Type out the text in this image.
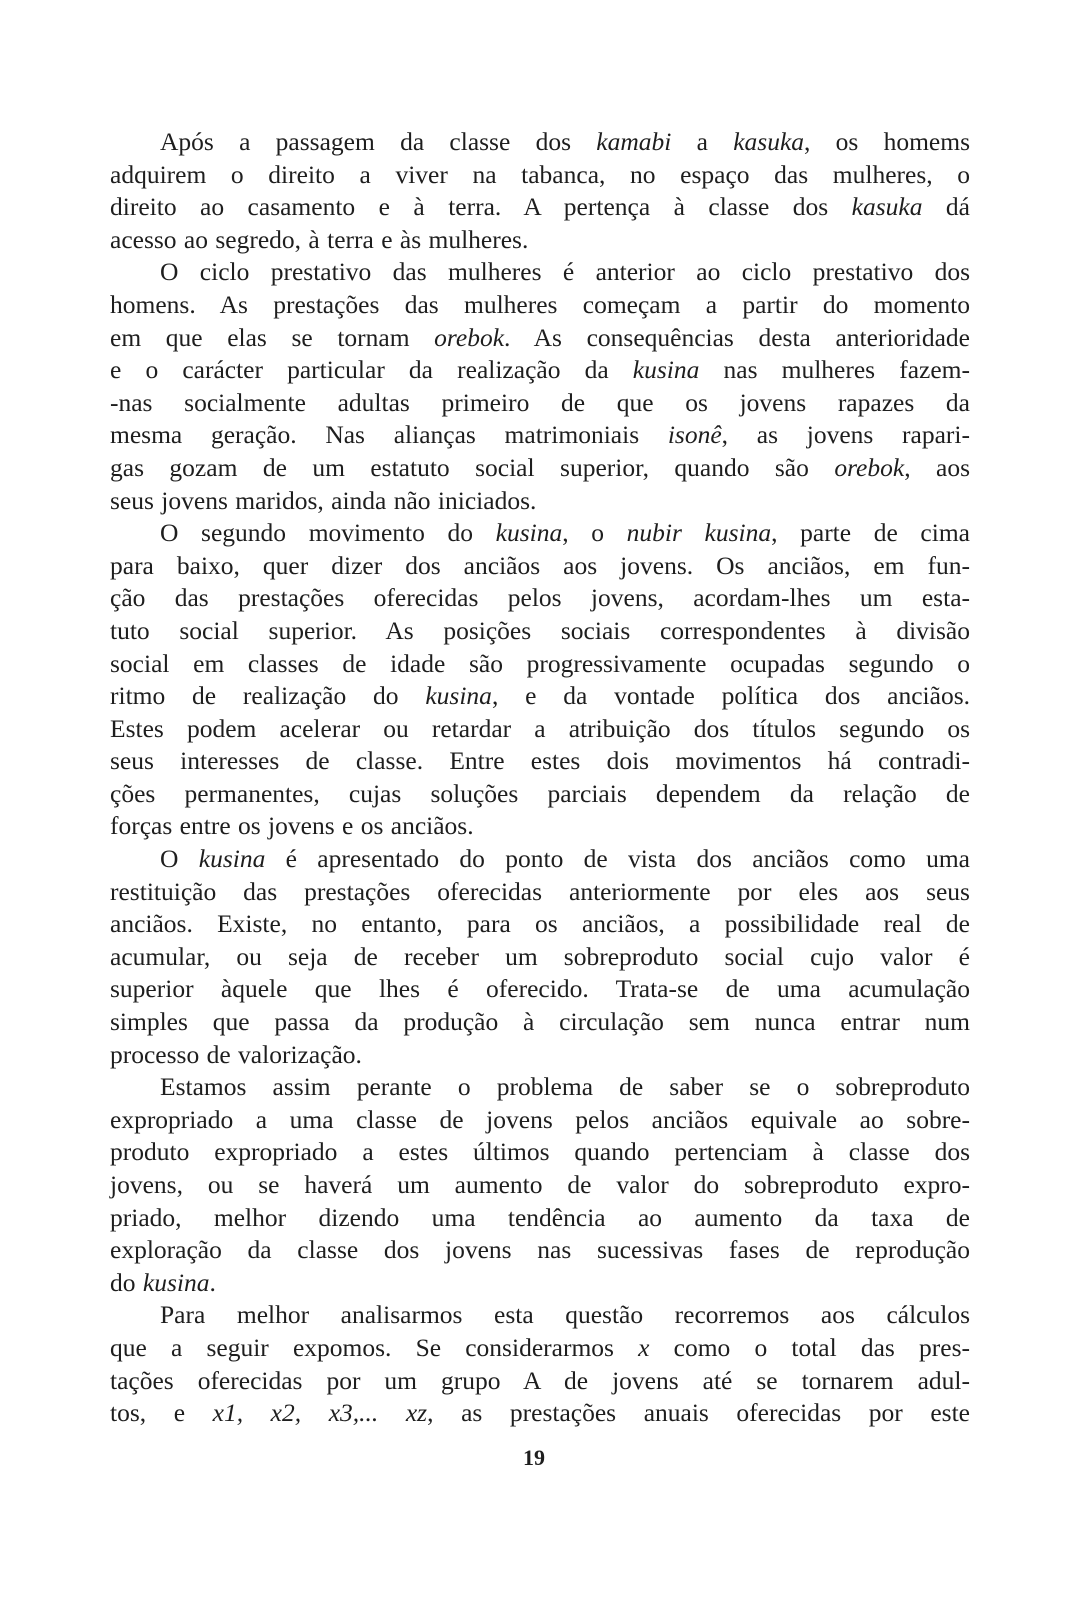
Após a passagem da classe dos kamabi a kasuka, os homems
adquirem o direito a viver na tabanca, no espaço das mulheres, o
direito ao casamento e à terra. A pertença à classe dos kasuka dá
acesso ao segredo, à terra e às mulheres.
O ciclo prestativo das mulheres é anterior ao ciclo prestativo dos
homens. As prestações das mulheres começam a partir do momento
em que elas se tornam orebok. As consequências desta anterioridade
e o carácter particular da realização da kusina nas mulheres fazem-
-nas socialmente adultas primeiro de que os jovens rapazes da
mesma geração. Nas alianças matrimoniais isonê, as jovens rapari-
gas gozam de um estatuto social superior, quando são orebok, aos
seus jovens maridos, ainda não iniciados.
O segundo movimento do kusina, o nubir kusina, parte de cima
para baixo, quer dizer dos anciãos aos jovens. Os anciãos, em fun-
ção das prestações oferecidas pelos jovens, acordam-lhes um esta-
tuto social superior. As posições sociais correspondentes à divisão
social em classes de idade são progressivamente ocupadas segundo o
ritmo de realização do kusina, e da vontade política dos anciãos.
Estes podem acelerar ou retardar a atribuição dos títulos segundo os
seus interesses de classe. Entre estes dois movimentos há contradi-
ções permanentes, cujas soluções parciais dependem da relação de
forças entre os jovens e os anciãos.
O kusina é apresentado do ponto de vista dos anciãos como uma
restituição das prestações oferecidas anteriormente por eles aos seus
anciãos. Existe, no entanto, para os anciãos, a possibilidade real de
acumular, ou seja de receber um sobreproduto social cujo valor é
superior àquele que lhes é oferecido. Trata-se de uma acumulação
simples que passa da produção à circulação sem nunca entrar num
processo de valorização.
Estamos assim perante o problema de saber se o sobreproduto
expropriado a uma classe de jovens pelos anciãos equivale ao sobre-
produto expropriado a estes últimos quando pertenciam à classe dos
jovens, ou se haverá um aumento de valor do sobreproduto expro-
priado, melhor dizendo uma tendência ao aumento da taxa de
exploração da classe dos jovens nas sucessivas fases de reprodução
do kusina.
Para melhor analisarmos esta questão recorremos aos cálculos
que a seguir expomos. Se considerarmos x como o total das pres-
tações oferecidas por um grupo A de jovens até se tornarem adul-
tos, e x1, x2, x3,... xz, as prestações anuais oferecidas por este
19
